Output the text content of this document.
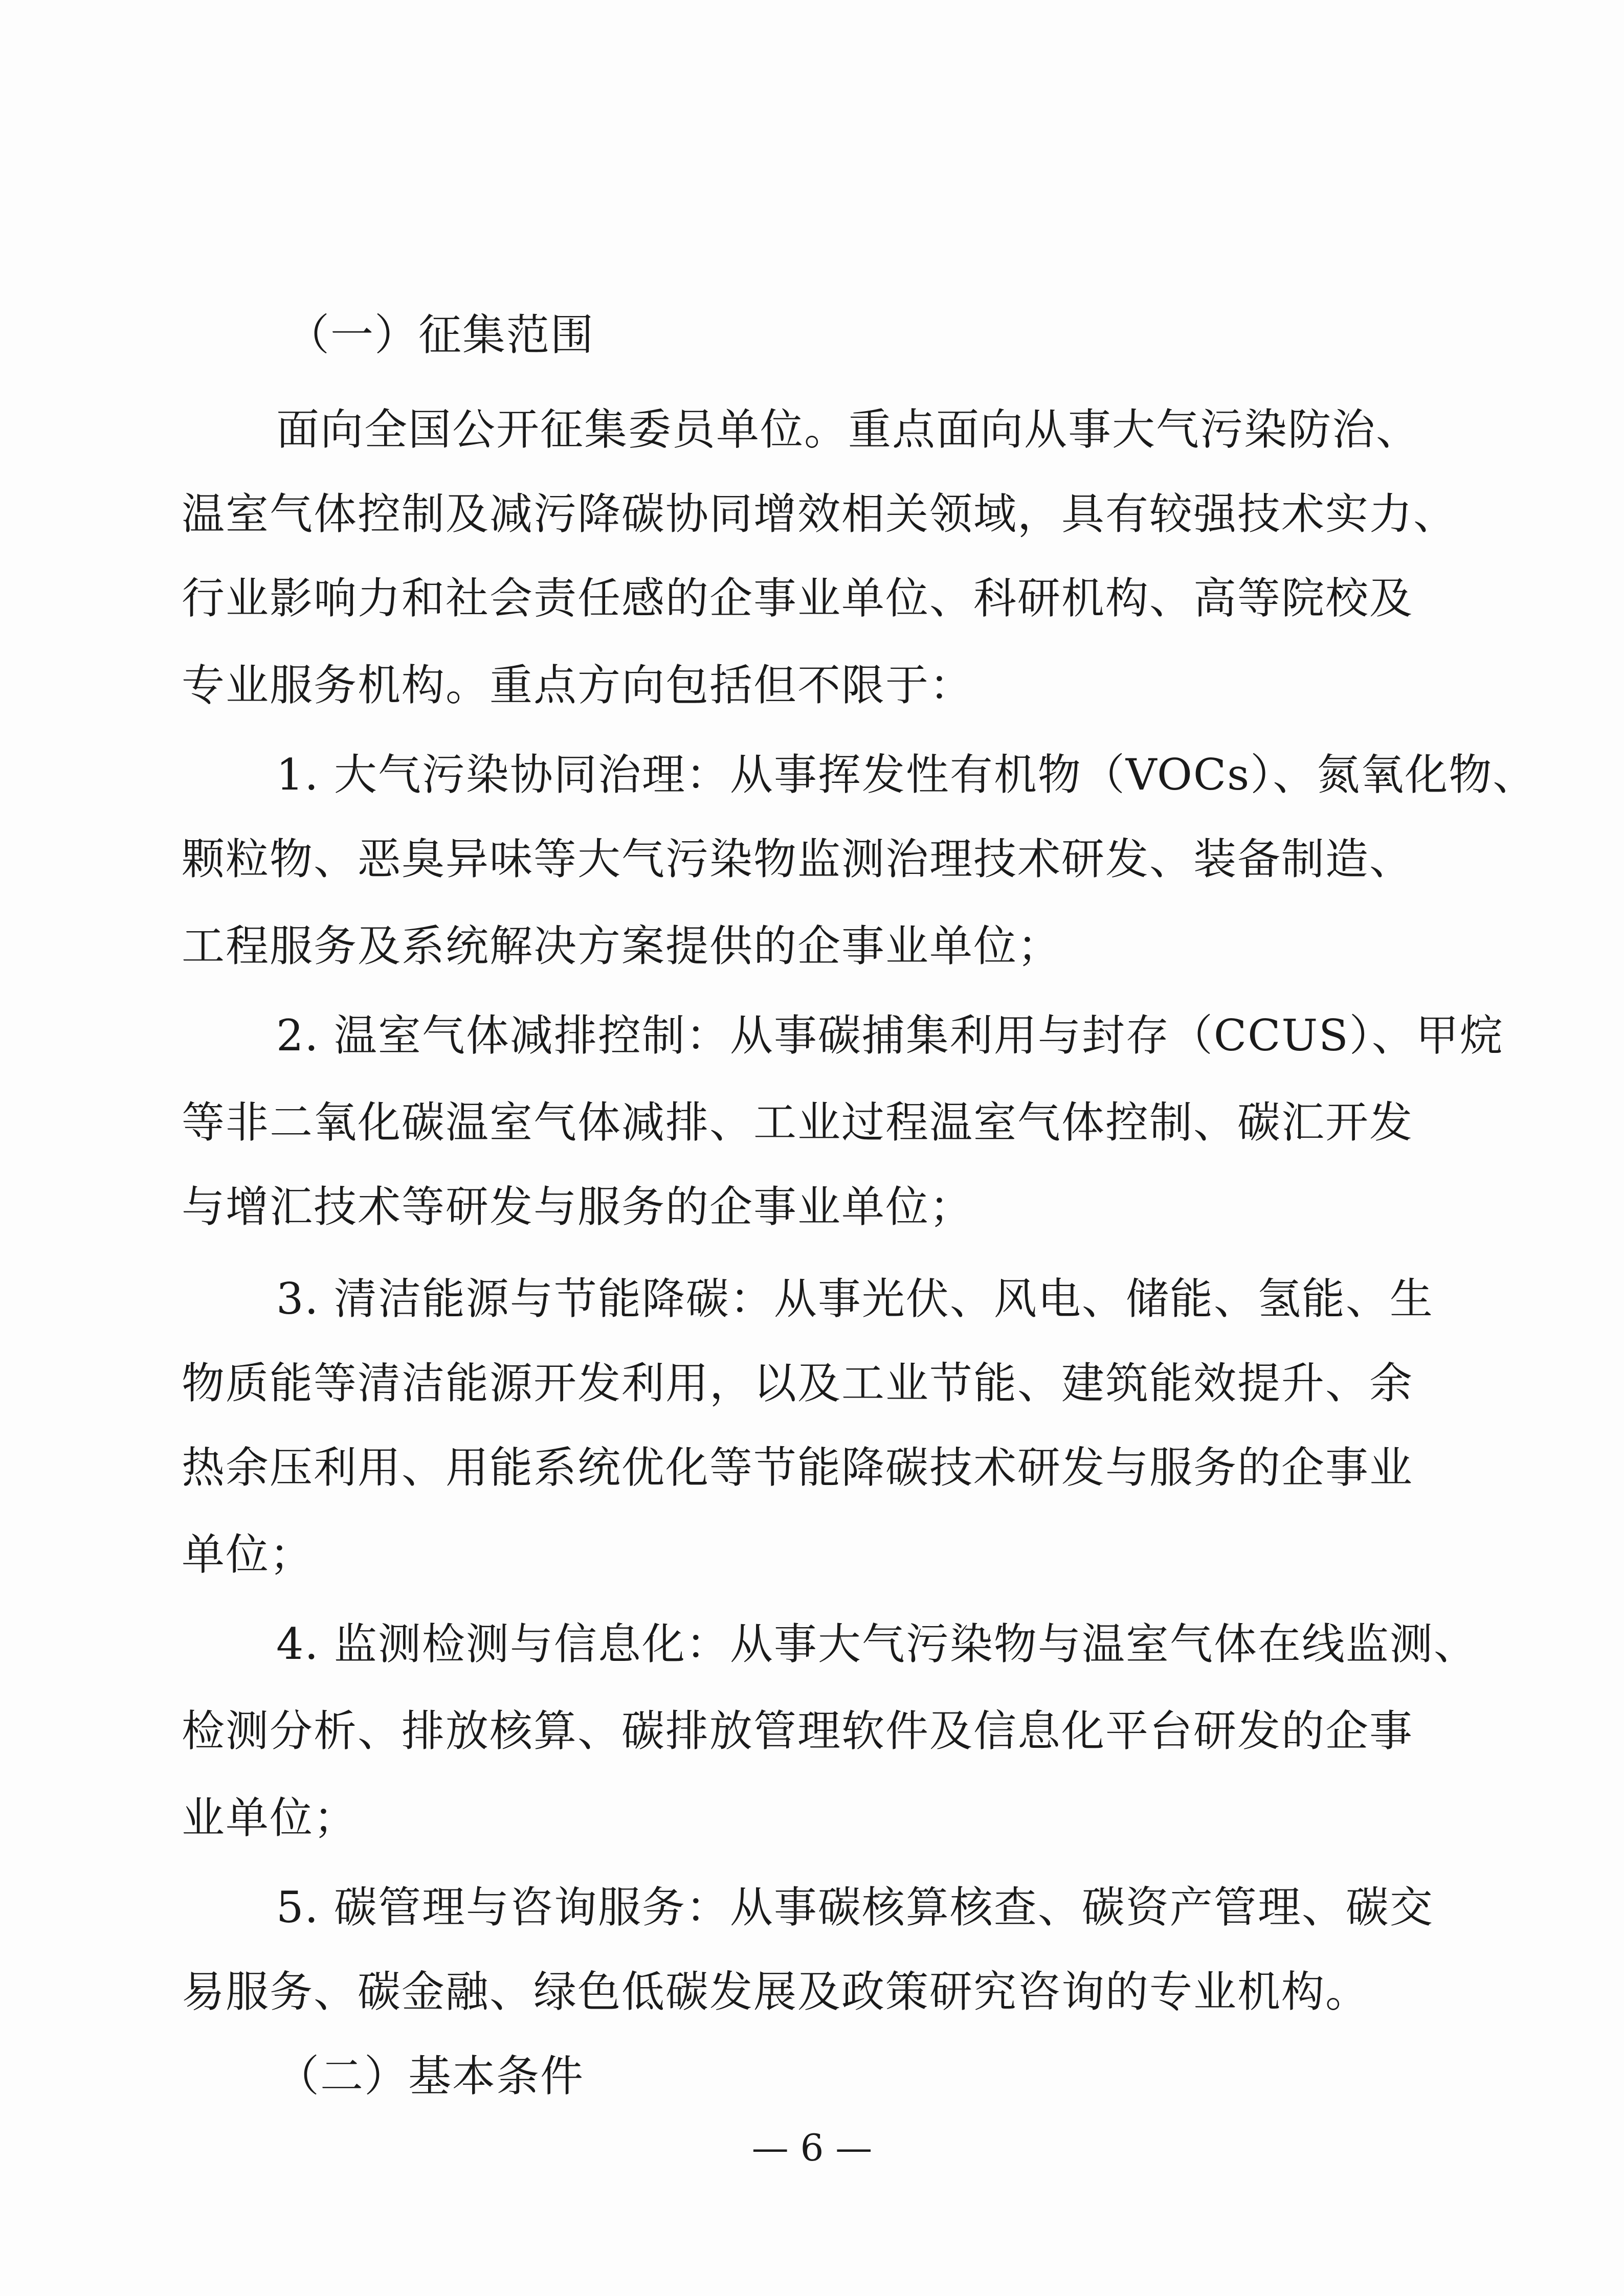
（一）征集范围
面向全国公开征集委员单位。重点面向从事大气污染防治、
温室气体控制及减污降碳协同增效相关领域，具有较强技术实力、
行业影响力和社会责任感的企事业单位、科研机构、高等院校及
专业服务机构。重点方向包括但不限于：
1. 大气污染协同治理：从事挥发性有机物（VOCs）、氮氧化物、
颗粒物、恶臭异味等大气污染物监测治理技术研发、装备制造、
工程服务及系统解决方案提供的企事业单位；
2. 温室气体减排控制：从事碳捕集利用与封存（CCUS）、甲烷
等非二氧化碳温室气体减排、工业过程温室气体控制、碳汇开发
与增汇技术等研发与服务的企事业单位；
3. 清洁能源与节能降碳：从事光伏、风电、储能、氢能、生
物质能等清洁能源开发利用，以及工业节能、建筑能效提升、余
热余压利用、用能系统优化等节能降碳技术研发与服务的企事业
单位；
4. 监测检测与信息化：从事大气污染物与温室气体在线监测、
检测分析、排放核算、碳排放管理软件及信息化平台研发的企事
业单位；
5. 碳管理与咨询服务：从事碳核算核查、碳资产管理、碳交
易服务、碳金融、绿色低碳发展及政策研究咨询的专业机构。
（二）基本条件
— 6 —
